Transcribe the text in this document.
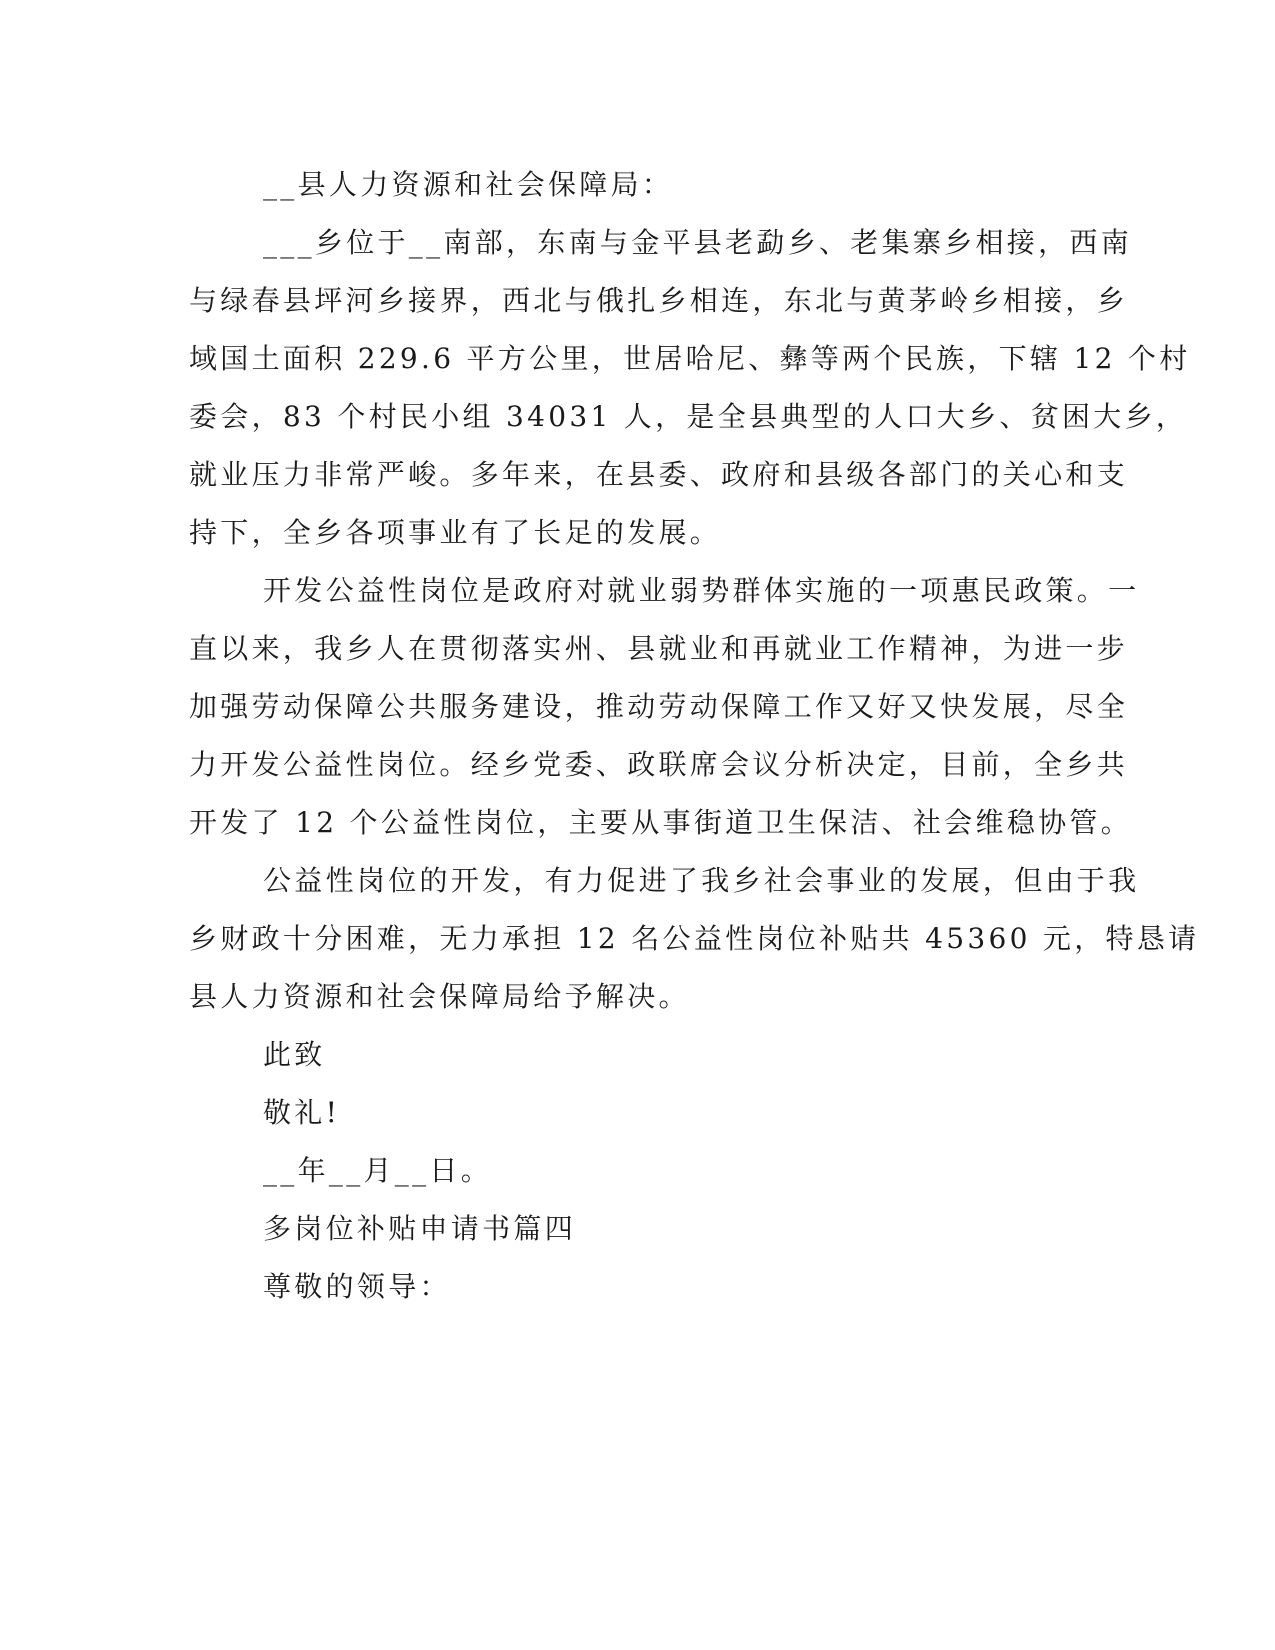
__县人力资源和社会保障局：
___乡位于__南部，东南与金平县老勐乡、老集寨乡相接，西南
与绿春县坪河乡接界，西北与俄扎乡相连，东北与黄茅岭乡相接，乡
域国土面积 229.6 平方公里，世居哈尼、彝等两个民族，下辖 12 个村
委会，83 个村民小组 34031 人，是全县典型的人口大乡、贫困大乡，
就业压力非常严峻。多年来，在县委、政府和县级各部门的关心和支
持下，全乡各项事业有了长足的发展。
开发公益性岗位是政府对就业弱势群体实施的一项惠民政策。一
直以来，我乡人在贯彻落实州、县就业和再就业工作精神，为进一步
加强劳动保障公共服务建设，推动劳动保障工作又好又快发展，尽全
力开发公益性岗位。经乡党委、政联席会议分析决定，目前，全乡共
开发了 12 个公益性岗位，主要从事街道卫生保洁、社会维稳协管。
公益性岗位的开发，有力促进了我乡社会事业的发展，但由于我
乡财政十分困难，无力承担 12 名公益性岗位补贴共 45360 元，特恳请
县人力资源和社会保障局给予解决。
此致
敬礼!
__年__月__日。
多岗位补贴申请书篇四
尊敬的领导：
